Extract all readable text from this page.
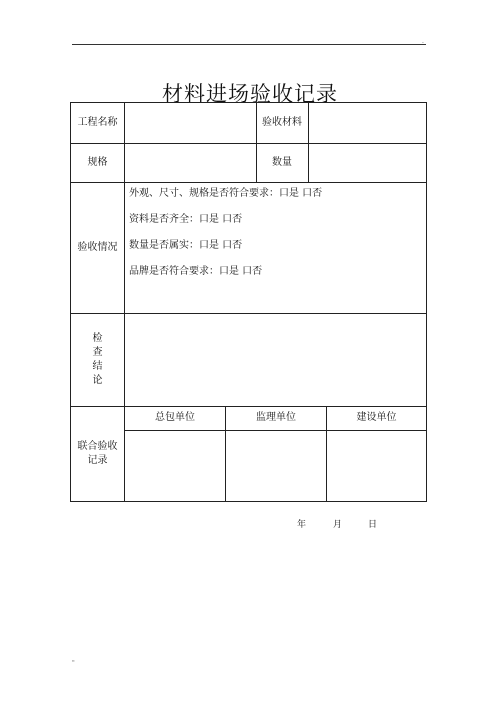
.
材料进场验收记录
工程名称	验收材料
规格	数量
验收情况
外观、尺寸、规格是否符合要求：口是 口否
资料是否齐全：口是 口否
数量是否属实：口是 口否
品牌是否符合要求：口是 口否
检
查
结
论
联合验收
记录
总包单位	监理单位	建设单位
年	月	日
"
